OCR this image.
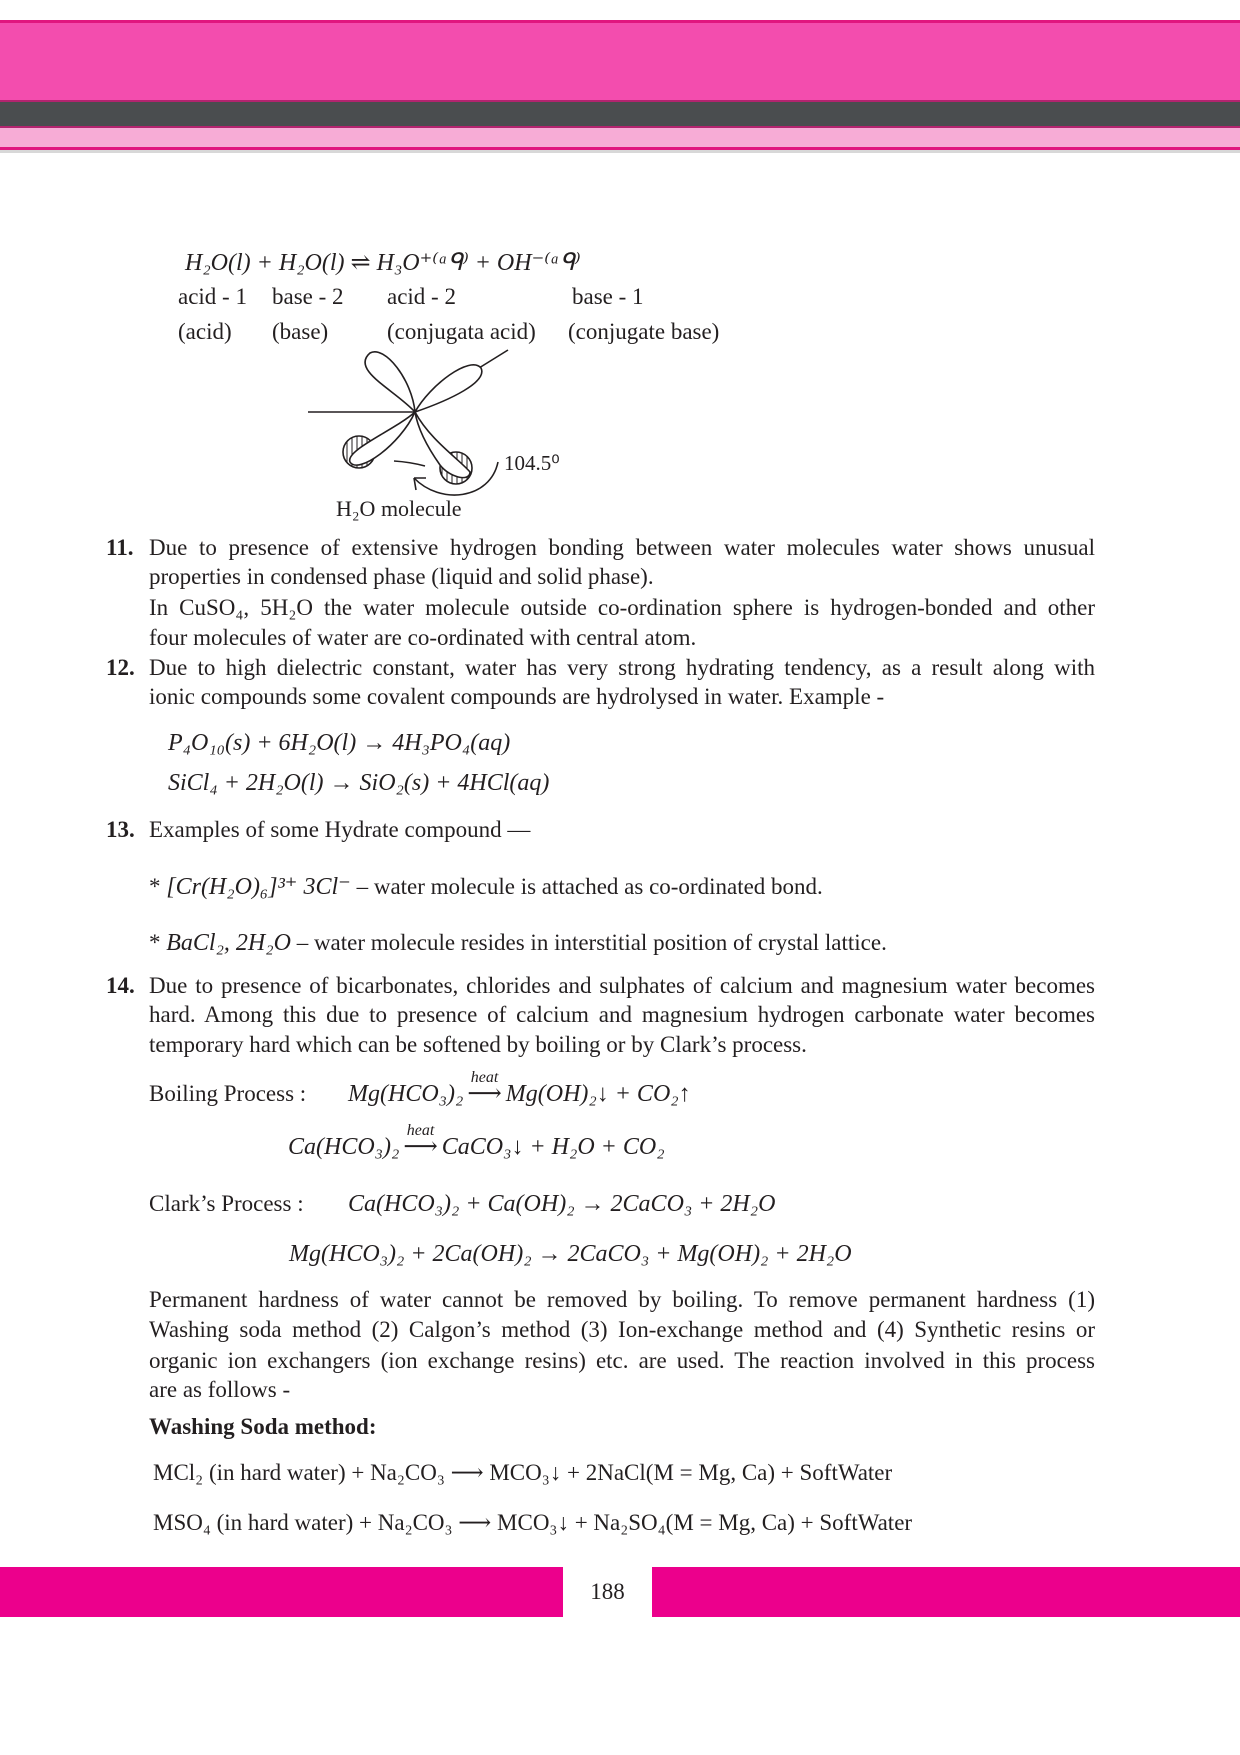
H₂O(l) + H₂O(l) ⇌ H₃O⁺⁽ᵃᑫ⁾ + OH⁻⁽ᵃᑫ⁾
acid - 1 base - 2 acid - 2	base - 1
(acid) (base)	(conjugata acid) (conjugate base)
104.5⁰
H₂O molecule
11. Due to presence of extensive hydrogen bonding between water molecules water shows unusual
properties in condensed phase (liquid and solid phase).
In CuSO₄, 5H₂O the water molecule outside co-ordination sphere is hydrogen-bonded and other
four molecules of water are co-ordinated with central atom.
12. Due to high dielectric constant, water has very strong hydrating tendency, as a result along with
ionic compounds some covalent compounds are hydrolysed in water. Example -
P₄O₁₀(s) + 6H₂O(l) → 4H₃PO₄(aq)
SiCl₄ + 2H₂O(l) → SiO₂(s) + 4HCl(aq)
13. Examples of some Hydrate compound —
* [Cr(H₂O)₆]³⁺ 3Cl⁻ – water molecule is attached as co-ordinated bond.
* BaCl₂, 2H₂O – water molecule resides in interstitial position of crystal lattice.
14. Due to presence of bicarbonates, chlorides and sulphates of calcium and magnesium water becomes
hard. Among this due to presence of calcium and magnesium hydrogen carbonate water becomes
temporary hard which can be softened by boiling or by Clark’s process.
Boiling Process : Mg(HCO₃)₂
heat
⟶ Mg(OH)₂↓ + CO₂↑
Ca(HCO₃)₂
heat
⟶ CaCO₃↓ + H₂O + CO₂
Clark’s Process : Ca(HCO₃)₂ + Ca(OH)₂ → 2CaCO₃ + 2H₂O
Mg(HCO₃)₂ + 2Ca(OH)₂ → 2CaCO₃ + Mg(OH)₂ + 2H₂O
Permanent hardness of water cannot be removed by boiling. To remove permanent hardness (1)
Washing soda method (2) Calgon’s method (3) Ion-exchange method and (4) Synthetic resins or
organic ion exchangers (ion exchange resins) etc. are used. The reaction involved in this process
are as follows -
Washing Soda method:
MCl₂ (in hard water) + Na₂CO₃ ⟶ MCO₃↓ + 2NaCl(M = Mg, Ca) + SoftWater
MSO₄ (in hard water) + Na₂CO₃ ⟶ MCO₃↓ + Na₂SO₄(M = Mg, Ca) + SoftWater
188
